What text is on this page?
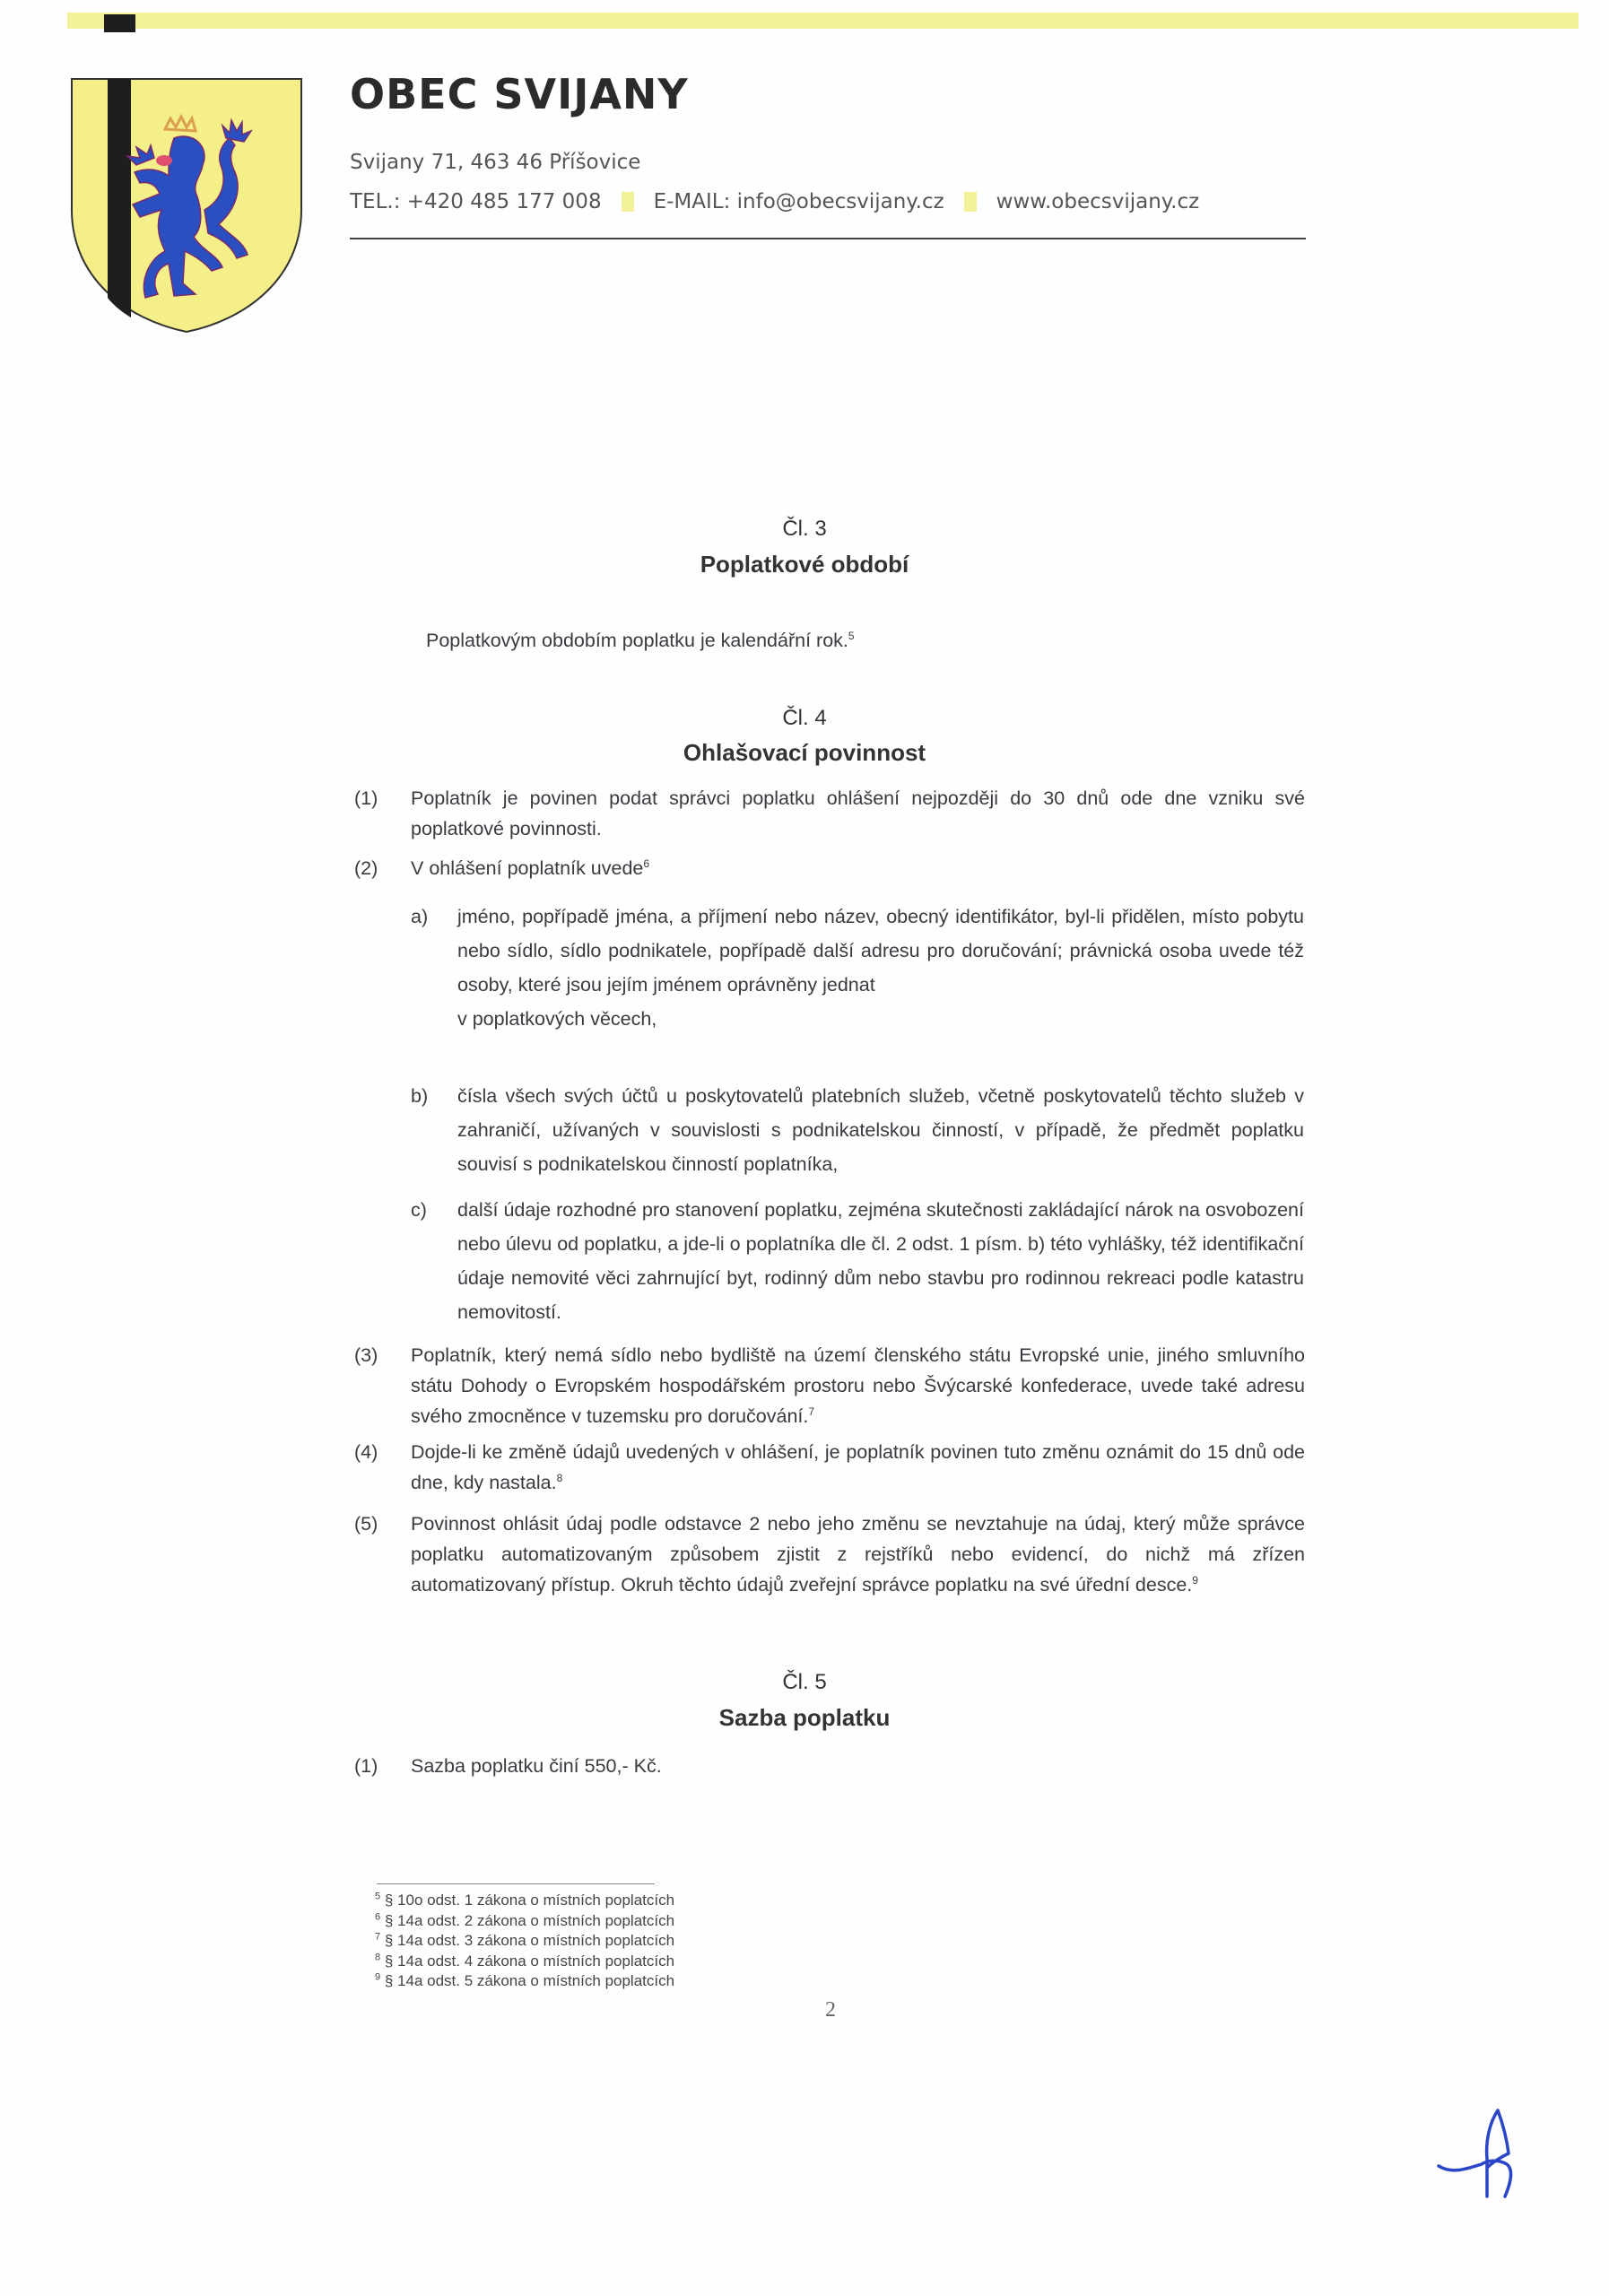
OBEC SVIJANY
Svijany 71, 463 46 Příšovice
TEL.: +420 485 177 008	E-MAIL: info@obecsvijany.cz	www.obecsvijany.cz
Čl. 3
Poplatkové období
Poplatkovým obdobím poplatku je kalendářní rok.$^5$
Čl. 4
Ohlašovací povinnost
(1) Poplatník je povinen podat správci poplatku ohlášení nejpozději do 30 dnů ode dne vzniku své poplatkové povinnosti.
(2) V ohlášení poplatník uvede$^6$
a) jméno, popřípadě jména, a příjmení nebo název, obecný identifikátor, byl-li přidělen, místo pobytu nebo sídlo, sídlo podnikatele, popřípadě další adresu pro doručování; právnická osoba uvede též osoby, které jsou jejím jménem oprávněny jednat
v poplatkových věcech,
b) čísla všech svých účtů u poskytovatelů platebních služeb, včetně poskytovatelů těchto služeb v zahraničí, užívaných v souvislosti s podnikatelskou činností, v případě, že předmět poplatku souvisí s podnikatelskou činností poplatníka,
c) další údaje rozhodné pro stanovení poplatku, zejména skutečnosti zakládající nárok na osvobození nebo úlevu od poplatku, a jde-li o poplatníka dle čl. 2 odst. 1 písm. b) této vyhlášky, též identifikační údaje nemovité věci zahrnující byt, rodinný dům nebo stavbu pro rodinnou rekreaci podle katastru nemovitostí.
(3) Poplatník, který nemá sídlo nebo bydliště na území členského státu Evropské unie, jiného smluvního státu Dohody o Evropském hospodářském prostoru nebo Švýcarské konfederace, uvede také adresu svého zmocněnce v tuzemsku pro doručování.$^7$
(4) Dojde-li ke změně údajů uvedených v ohlášení, je poplatník povinen tuto změnu oznámit do 15 dnů ode dne, kdy nastala.$^8$
(5) Povinnost ohlásit údaj podle odstavce 2 nebo jeho změnu se nevztahuje na údaj, který může správce poplatku automatizovaným způsobem zjistit z rejstříků nebo evidencí, do nichž má zřízen automatizovaný přístup. Okruh těchto údajů zveřejní správce poplatku na své úřední desce.$^9$
Čl. 5
Sazba poplatku
(1) Sazba poplatku činí 550,- Kč.
$^5$ § 10o odst. 1 zákona o místních poplatcích
$^6$ § 14a odst. 2 zákona o místních poplatcích
$^7$ § 14a odst. 3 zákona o místních poplatcích
$^8$ § 14a odst. 4 zákona o místních poplatcích
$^9$ § 14a odst. 5 zákona o místních poplatcích
2
